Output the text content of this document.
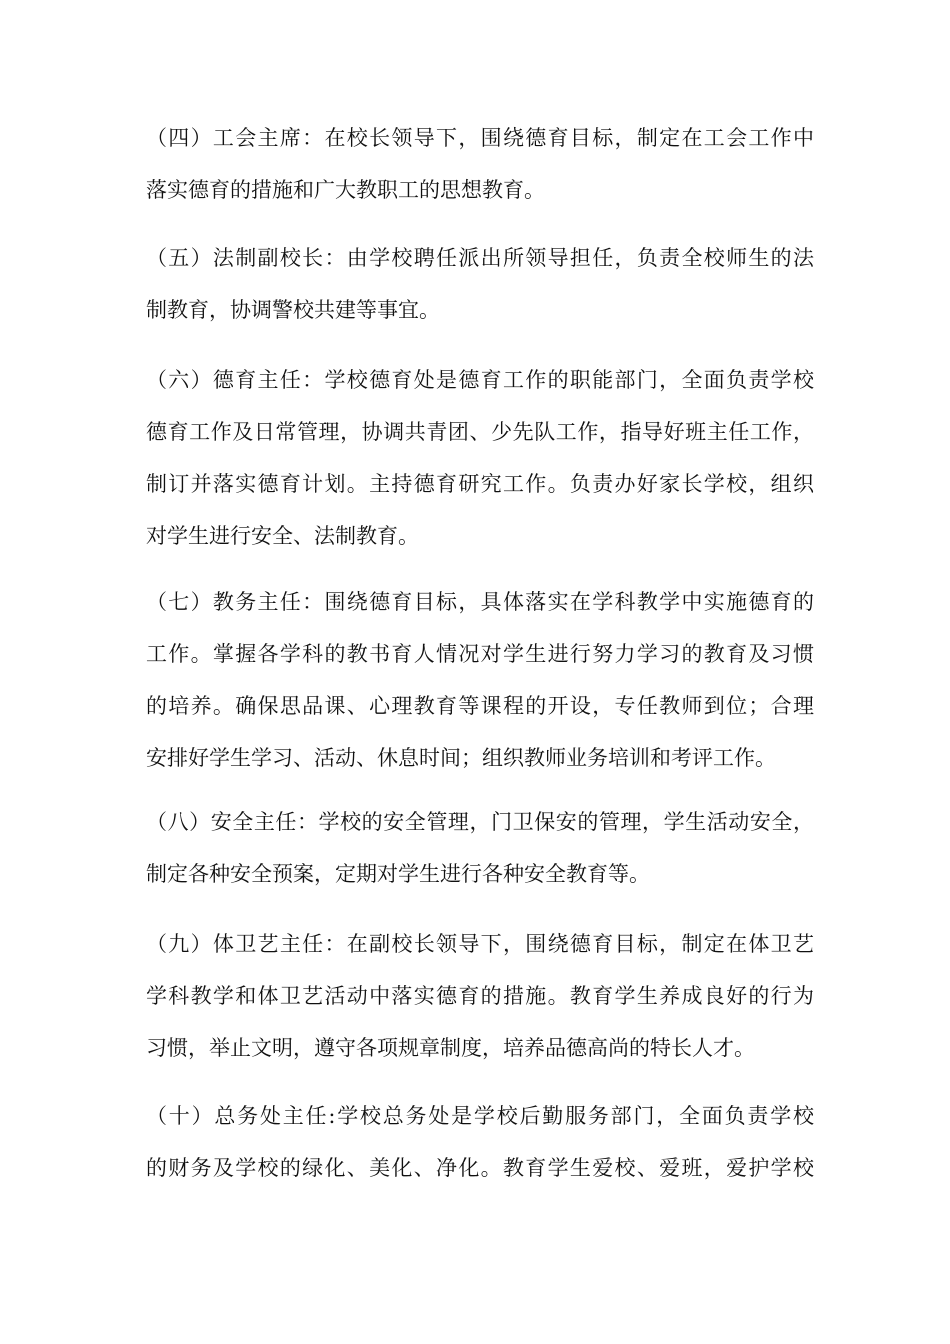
（四）工会主席：在校长领导下，围绕德育目标，制定在工会工作中
落实德育的措施和广大教职工的思想教育。
（五）法制副校长：由学校聘任派出所领导担任，负责全校师生的法
制教育，协调警校共建等事宜。
（六）德育主任：学校德育处是德育工作的职能部门，全面负责学校
德育工作及日常管理，协调共青团、少先队工作，指导好班主任工作，
制订并落实德育计划。主持德育研究工作。负责办好家长学校，组织
对学生进行安全、法制教育。
（七）教务主任：围绕德育目标，具体落实在学科教学中实施德育的
工作。掌握各学科的教书育人情况对学生进行努力学习的教育及习惯
的培养。确保思品课、心理教育等课程的开设，专任教师到位；合理
安排好学生学习、活动、休息时间；组织教师业务培训和考评工作。
（八）安全主任：学校的安全管理，门卫保安的管理，学生活动安全，
制定各种安全预案，定期对学生进行各种安全教育等。
（九）体卫艺主任：在副校长领导下，围绕德育目标，制定在体卫艺
学科教学和体卫艺活动中落实德育的措施。教育学生养成良好的行为
习惯，举止文明，遵守各项规章制度，培养品德高尚的特长人才。
（十）总务处主任:学校总务处是学校后勤服务部门，全面负责学校
的财务及学校的绿化、美化、净化。教育学生爱校、爱班，爱护学校
